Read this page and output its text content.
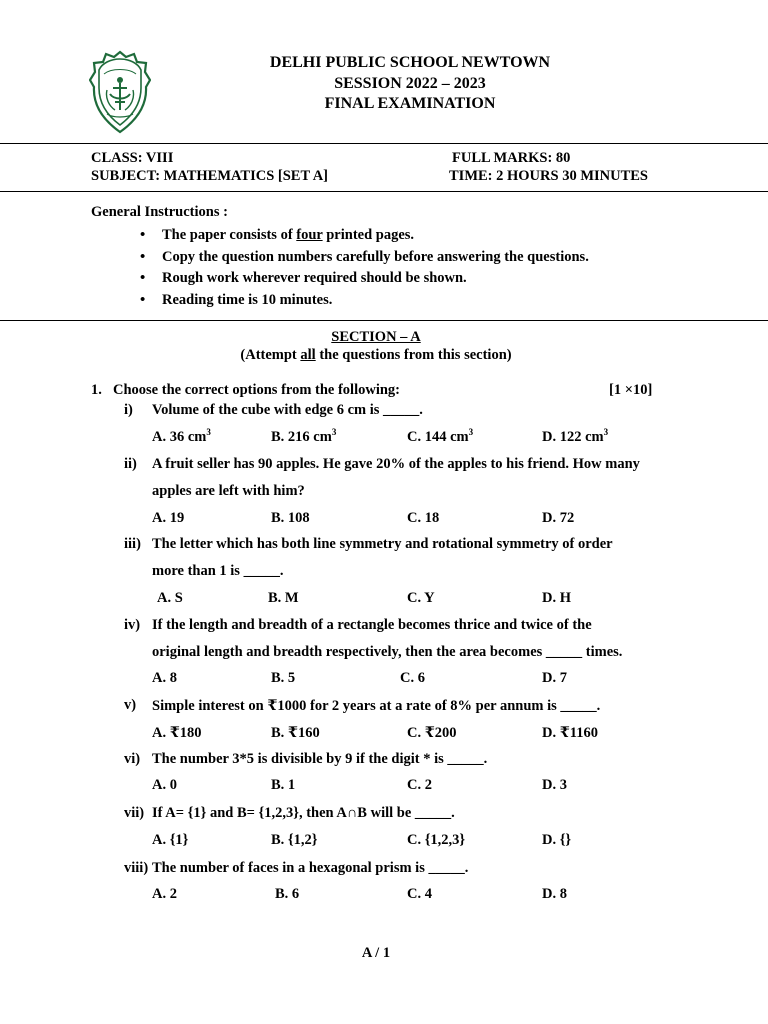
DELHI PUBLIC SCHOOL NEWTOWN
SESSION 2022 – 2023
FINAL EXAMINATION
CLASS: VIII
SUBJECT: MATHEMATICS [SET A]
FULL MARKS: 80
TIME: 2 HOURS 30 MINUTES
General Instructions :
• The paper consists of four printed pages.
• Copy the question numbers carefully before answering the questions.
• Rough work wherever required should be shown.
• Reading time is 10 minutes.
SECTION – A
(Attempt all the questions from this section)
1. Choose the correct options from the following:	[1 ×10]
i) Volume of the cube with edge 6 cm is _____.
A. 36 $cm^3$	B. 216 $cm^3$	C. 144 $cm^3$	D. 122 $cm^3$
ii) A fruit seller has 90 apples. He gave 20% of the apples to his friend. How many
apples are left with him?
A. 19	B. 108	C. 18	D. 72
iii) The letter which has both line symmetry and rotational symmetry of order
more than 1 is _____.
A. S	B. M	C. Y	D. H
iv) If the length and breadth of a rectangle becomes thrice and twice of the
original length and breadth respectively, then the area becomes _____ times.
A. 8	B. 5	C. 6	D. 7
v) Simple interest on ₹1000 for 2 years at a rate of 8% per annum is _____.
A. ₹180	B. ₹160	C. ₹200	D. ₹1160
vi) The number 3*5 is divisible by 9 if the digit * is _____.
A. 0	B. 1	C. 2	D. 3
vii) If A= {1} and B= {1,2,3}, then A∩B will be _____.
A. {1}	B. {1,2}	C. {1,2,3}	D. {}
viii) The number of faces in a hexagonal prism is _____.
A. 2	B. 6	C. 4	D. 8
A / 1
